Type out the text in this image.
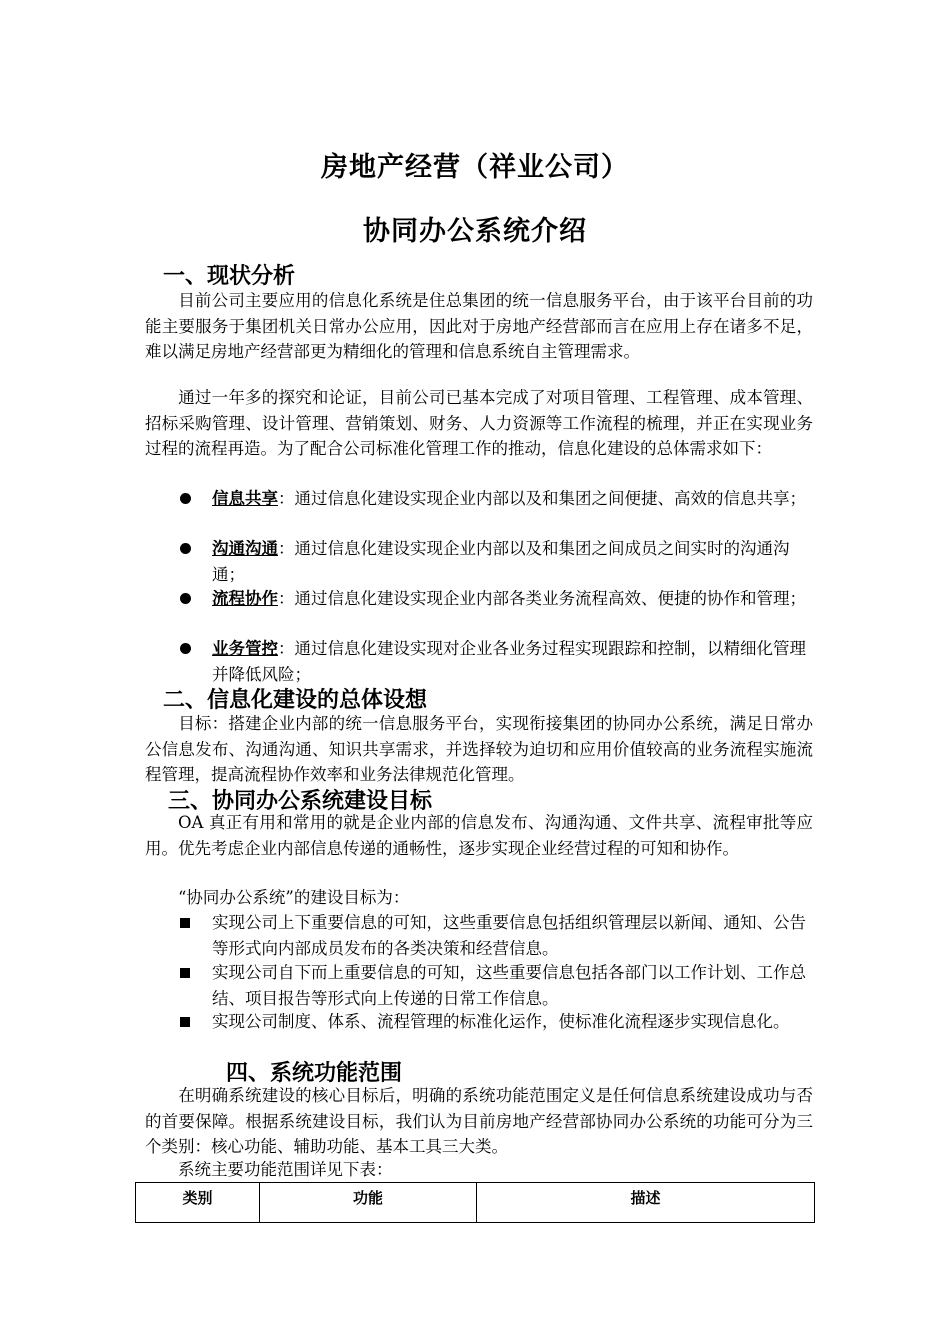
房地产经营（祥业公司）
协同办公系统介绍
一、现状分析
目前公司主要应用的信息化系统是住总集团的统一信息服务平台，由于该平台目前的功能主要服务于集团机关日常办公应用，因此对于房地产经营部而言在应用上存在诸多不足，难以满足房地产经营部更为精细化的管理和信息系统自主管理需求。
通过一年多的探究和论证，目前公司已基本完成了对项目管理、工程管理、成本管理、招标采购管理、设计管理、营销策划、财务、人力资源等工作流程的梳理，并正在实现业务过程的流程再造。为了配合公司标准化管理工作的推动，信息化建设的总体需求如下：
信息共享：通过信息化建设实现企业内部以及和集团之间便捷、高效的信息共享；
沟通沟通：通过信息化建设实现企业内部以及和集团之间成员之间实时的沟通沟通；
流程协作：通过信息化建设实现企业内部各类业务流程高效、便捷的协作和管理；
业务管控：通过信息化建设实现对企业各业务过程实现跟踪和控制，以精细化管理并降低风险；
二、信息化建设的总体设想
目标：搭建企业内部的统一信息服务平台，实现衔接集团的协同办公系统，满足日常办公信息发布、沟通沟通、知识共享需求，并选择较为迫切和应用价值较高的业务流程实施流程管理，提高流程协作效率和业务法律规范化管理。
三、协同办公系统建设目标
OA 真正有用和常用的就是企业内部的信息发布、沟通沟通、文件共享、流程审批等应用。优先考虑企业内部信息传递的通畅性，逐步实现企业经营过程的可知和协作。
“协同办公系统”的建设目标为：
实现公司上下重要信息的可知，这些重要信息包括组织管理层以新闻、通知、公告等形式向内部成员发布的各类决策和经营信息。
实现公司自下而上重要信息的可知，这些重要信息包括各部门以工作计划、工作总结、项目报告等形式向上传递的日常工作信息。
实现公司制度、体系、流程管理的标准化运作，使标准化流程逐步实现信息化。
四、系统功能范围
在明确系统建设的核心目标后，明确的系统功能范围定义是任何信息系统建设成功与否的首要保障。根据系统建设目标，我们认为目前房地产经营部协同办公系统的功能可分为三个类别：核心功能、辅助功能、基本工具三大类。
系统主要功能范围详见下表：
类别	功能	描述
